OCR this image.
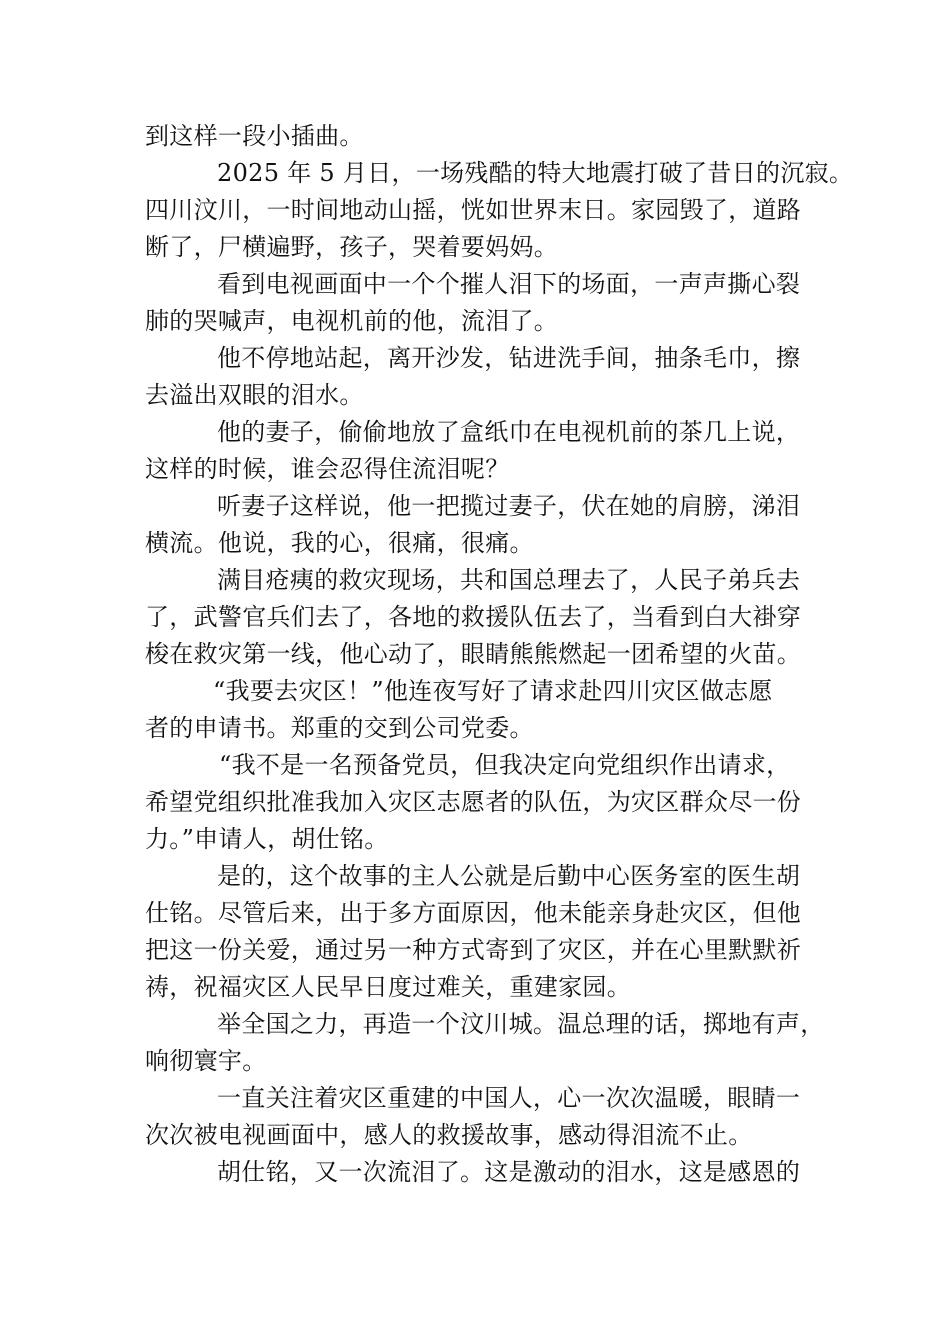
到这样一段小插曲。
2025 年 5 月日，一场残酷的特大地震打破了昔日的沉寂。
四川汶川，一时间地动山摇，恍如世界末日。家园毁了，道路
断了，尸横遍野，孩子，哭着要妈妈。
看到电视画面中一个个摧人泪下的场面，一声声撕心裂
肺的哭喊声，电视机前的他，流泪了。
他不停地站起，离开沙发，钻进洗手间，抽条毛巾，擦
去溢出双眼的泪水。
他的妻子，偷偷地放了盒纸巾在电视机前的茶几上说，
这样的时候，谁会忍得住流泪呢？
听妻子这样说，他一把揽过妻子，伏在她的肩膀，涕泪
横流。他说，我的心，很痛，很痛。
满目疮痍的救灾现场，共和国总理去了，人民子弟兵去
了，武警官兵们去了，各地的救援队伍去了，当看到白大褂穿
梭在救灾第一线，他心动了，眼睛熊熊燃起一团希望的火苗。
“我要去灾区！”他连夜写好了请求赴四川灾区做志愿
者的申请书。郑重的交到公司党委。
“我不是一名预备党员，但我决定向党组织作出请求，
希望党组织批准我加入灾区志愿者的队伍，为灾区群众尽一份
力。”申请人，胡仕铭。
是的，这个故事的主人公就是后勤中心医务室的医生胡
仕铭。尽管后来，出于多方面原因，他未能亲身赴灾区，但他
把这一份关爱，通过另一种方式寄到了灾区，并在心里默默祈
祷，祝福灾区人民早日度过难关，重建家园。
举全国之力，再造一个汶川城。温总理的话，掷地有声，
响彻寰宇。
一直关注着灾区重建的中国人，心一次次温暖，眼睛一
次次被电视画面中，感人的救援故事，感动得泪流不止。
胡仕铭，又一次流泪了。这是激动的泪水，这是感恩的
